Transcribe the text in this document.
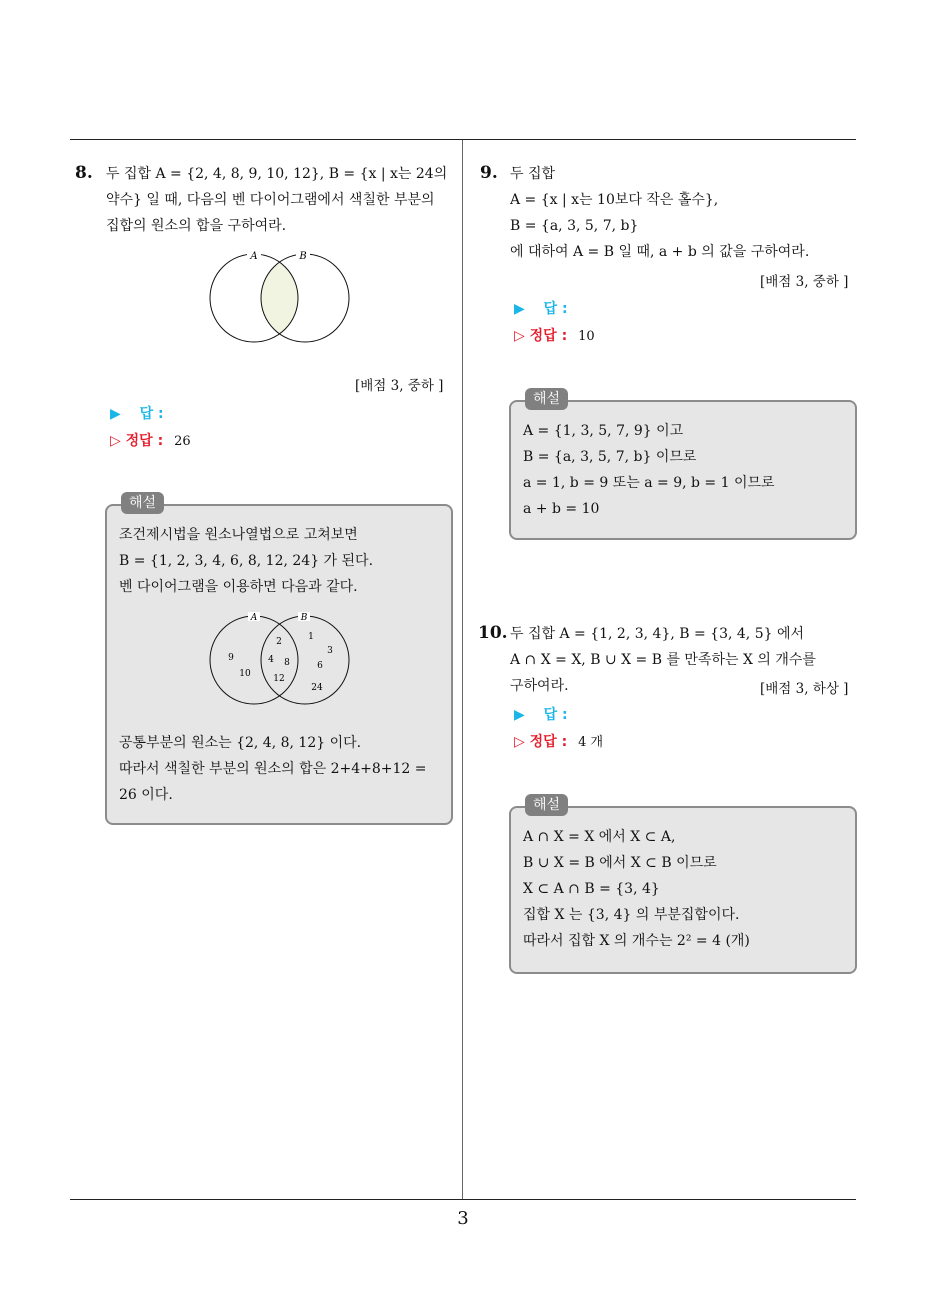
8. 두 집합 A = {2, 4, 8, 9, 10, 12}, B = {x | x는 24의
약수} 일 때, 다음의 벤 다이어그램에서 색칠한 부분의
집합의 원소의 합을 구하여라.
A	B
[배점 3, 중하 ]
▶ 답 :
▷ 정답 : 26
해설
조건제시법을 원소나열법으로 고쳐보면
B = {1, 2, 3, 4, 6, 8, 12, 24} 가 된다.
벤 다이어그램을 이용하면 다음과 같다.
A	B
9
10
2
4 8
12
1
3
6
24
공통부분의 원소는 {2, 4, 8, 12} 이다.
따라서 색칠한 부분의 원소의 합은 2+4+8+12 =
26 이다.
9. 두 집합
A = {x | x는 10보다 작은 홀수},
B = {a, 3, 5, 7, b}
에 대하여 A = B 일 때, a + b 의 값을 구하여라.
[배점 3, 중하 ]
▶ 답 :
▷ 정답 : 10
해설
A = {1, 3, 5, 7, 9} 이고
B = {a, 3, 5, 7, b} 이므로
a = 1, b = 9 또는 a = 9, b = 1 이므로
a + b = 10
10. 두 집합 A = {1, 2, 3, 4}, B = {3, 4, 5} 에서
A ∩ X = X, B ∪ X = B 를 만족하는 X 의 개수를
구하여라.	[배점 3, 하상 ]
▶ 답 :
▷ 정답 : 4 개
해설
A ∩ X = X 에서 X ⊂ A,
B ∪ X = B 에서 X ⊂ B 이므로
X ⊂ A ∩ B = {3, 4}
집합 X 는 {3, 4} 의 부분집합이다.
따라서 집합 X 의 개수는 2² = 4 (개)
3
